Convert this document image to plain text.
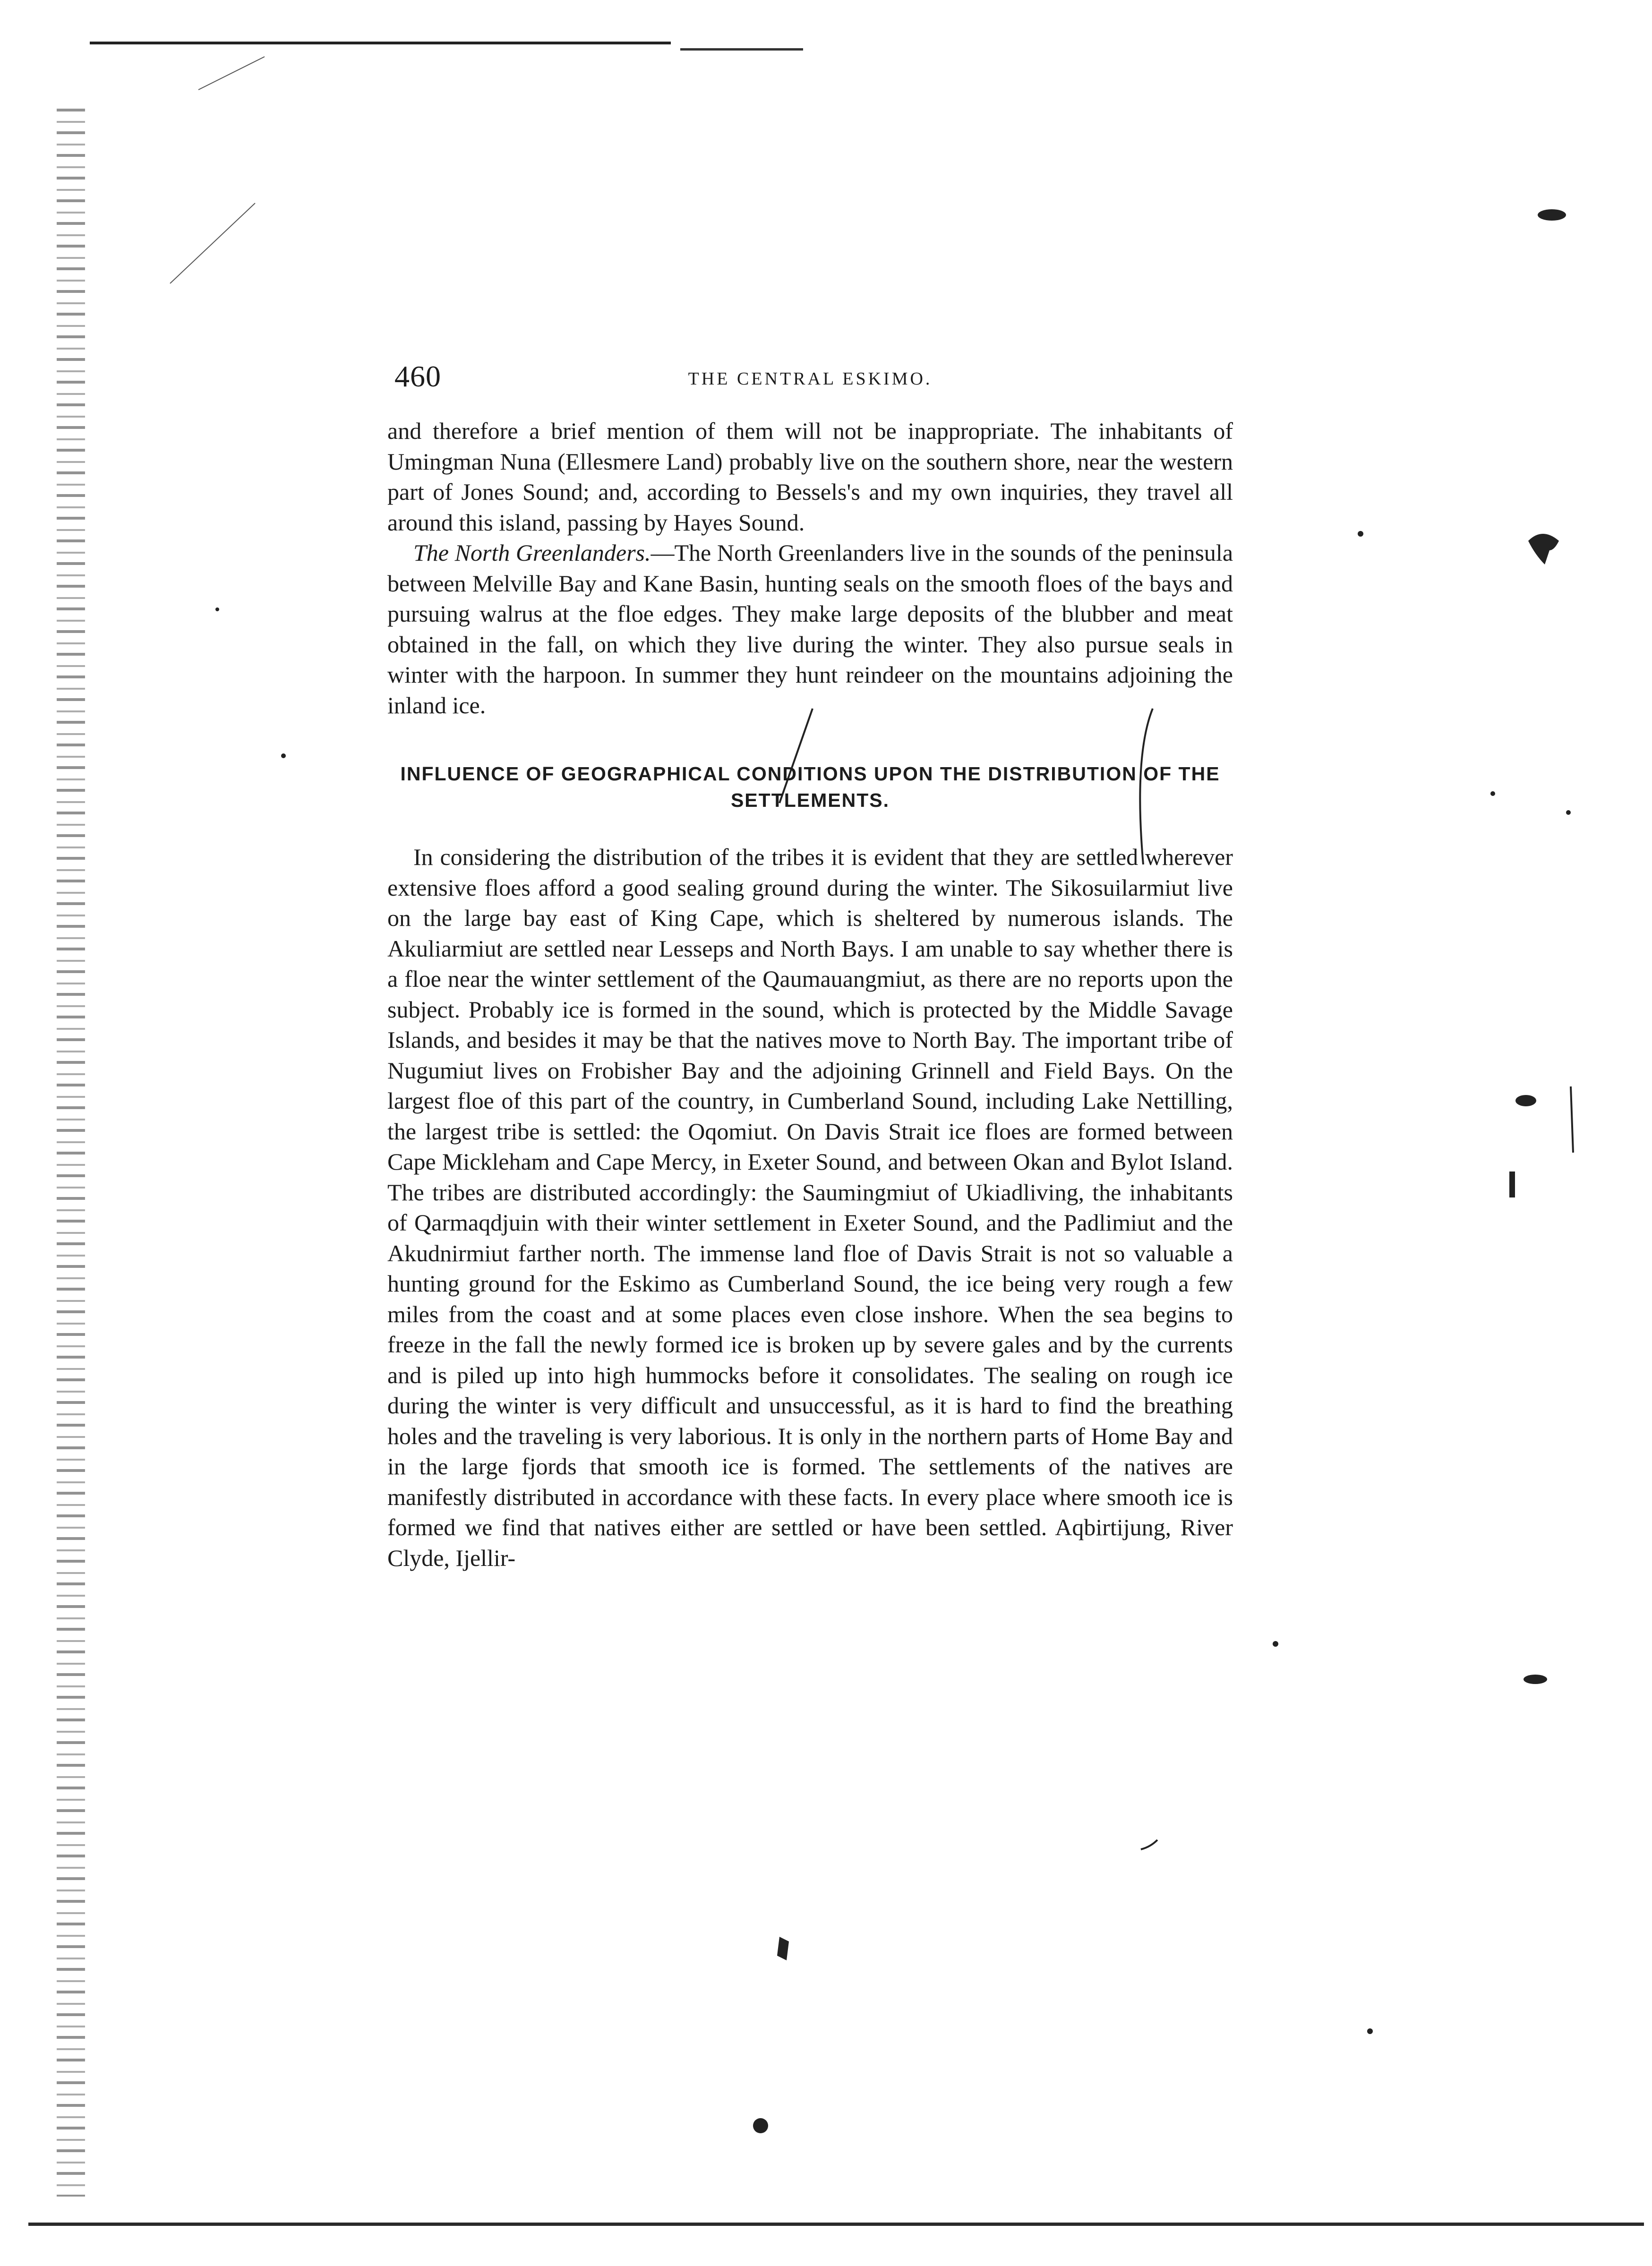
460	THE CENTRAL ESKIMO.

and therefore a brief mention of them will not be inappropriate. The inhabitants of Umingman Nuna (Ellesmere Land) probably live on the southern shore, near the western part of Jones Sound; and, according to Bessels's and my own inquiries, they travel all around this island, passing by Hayes Sound.

The North Greenlanders.—The North Greenlanders live in the sounds of the peninsula between Melville Bay and Kane Basin, hunting seals on the smooth floes of the bays and pursuing walrus at the floe edges. They make large deposits of the blubber and meat obtained in the fall, on which they live during the winter. They also pursue seals in winter with the harpoon. In summer they hunt reindeer on the mountains adjoining the inland ice.

INFLUENCE OF GEOGRAPHICAL CONDITIONS UPON THE DISTRIBUTION OF THE SETTLEMENTS.

In considering the distribution of the tribes it is evident that they are settled wherever extensive floes afford a good sealing ground during the winter. The Sikosuilarmiut live on the large bay east of King Cape, which is sheltered by numerous islands. The Akuliarmiut are settled near Lesseps and North Bays. I am unable to say whether there is a floe near the winter settlement of the Qaumauangmiut, as there are no reports upon the subject. Probably ice is formed in the sound, which is protected by the Middle Savage Islands, and besides it may be that the natives move to North Bay. The important tribe of Nugumiut lives on Frobisher Bay and the adjoining Grinnell and Field Bays. On the largest floe of this part of the country, in Cumberland Sound, including Lake Nettilling, the largest tribe is settled: the Oqomiut. On Davis Strait ice floes are formed between Cape Mickleham and Cape Mercy, in Exeter Sound, and between Okan and Bylot Island. The tribes are distributed accordingly: the Saumingmiut of Ukiadliving, the inhabitants of Qarmaqdjuin with their winter settlement in Exeter Sound, and the Padlimiut and the Akudnirmiut farther north. The immense land floe of Davis Strait is not so valuable a hunting ground for the Eskimo as Cumberland Sound, the ice being very rough a few miles from the coast and at some places even close inshore. When the sea begins to freeze in the fall the newly formed ice is broken up by severe gales and by the currents and is piled up into high hummocks before it consolidates. The sealing on rough ice during the winter is very difficult and unsuccessful, as it is hard to find the breathing holes and the traveling is very laborious. It is only in the northern parts of Home Bay and in the large fjords that smooth ice is formed. The settlements of the natives are manifestly distributed in accordance with these facts. In every place where smooth ice is formed we find that natives either are settled or have been settled. Aqbirtijung, River Clyde, Ijellir-
